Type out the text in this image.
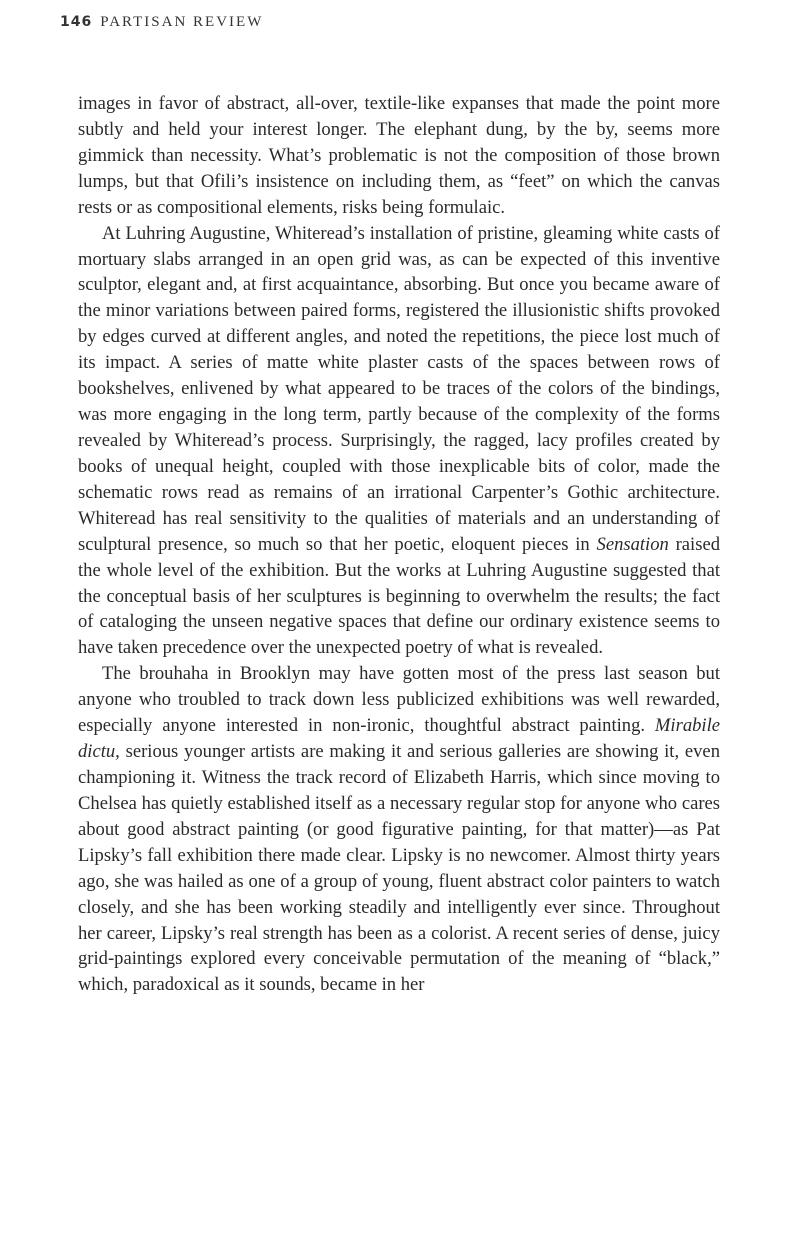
146 PARTISAN REVIEW

images in favor of abstract, all-over, textile-like expanses that made the point more subtly and held your interest longer. The elephant dung, by the by, seems more gimmick than necessity. What’s problematic is not the composition of those brown lumps, but that Ofili’s insistence on including them, as “feet” on which the canvas rests or as compositional elements, risks being formulaic.

At Luhring Augustine, Whiteread’s installation of pristine, gleaming white casts of mortuary slabs arranged in an open grid was, as can be expected of this inventive sculptor, elegant and, at first acquaintance, absorbing. But once you became aware of the minor variations between paired forms, registered the illusionistic shifts provoked by edges curved at different angles, and noted the repetitions, the piece lost much of its impact. A series of matte white plaster casts of the spaces between rows of bookshelves, enlivened by what appeared to be traces of the colors of the bindings, was more engaging in the long term, partly because of the complexity of the forms revealed by Whiteread’s process. Surprisingly, the ragged, lacy profiles created by books of unequal height, coupled with those inexplicable bits of color, made the schematic rows read as remains of an irrational Carpenter’s Gothic architecture. Whiteread has real sensitivity to the qualities of materials and an understanding of sculptural presence, so much so that her poetic, eloquent pieces in Sensation raised the whole level of the exhibition. But the works at Luhring Augustine suggested that the conceptual basis of her sculptures is beginning to overwhelm the results; the fact of cataloging the unseen negative spaces that define our ordinary existence seems to have taken precedence over the unexpected poetry of what is revealed.

The brouhaha in Brooklyn may have gotten most of the press last season but anyone who troubled to track down less publicized exhibitions was well rewarded, especially anyone interested in non-ironic, thoughtful abstract painting. Mirabile dictu, serious younger artists are making it and serious galleries are showing it, even championing it. Witness the track record of Elizabeth Harris, which since moving to Chelsea has quietly established itself as a necessary regular stop for anyone who cares about good abstract painting (or good figurative painting, for that matter)—as Pat Lipsky’s fall exhibition there made clear. Lipsky is no newcomer. Almost thirty years ago, she was hailed as one of a group of young, fluent abstract color painters to watch closely, and she has been working steadily and intelligently ever since. Throughout her career, Lipsky’s real strength has been as a colorist. A recent series of dense, juicy grid-paintings explored every conceivable permutation of the meaning of “black,” which, paradoxical as it sounds, became in her
